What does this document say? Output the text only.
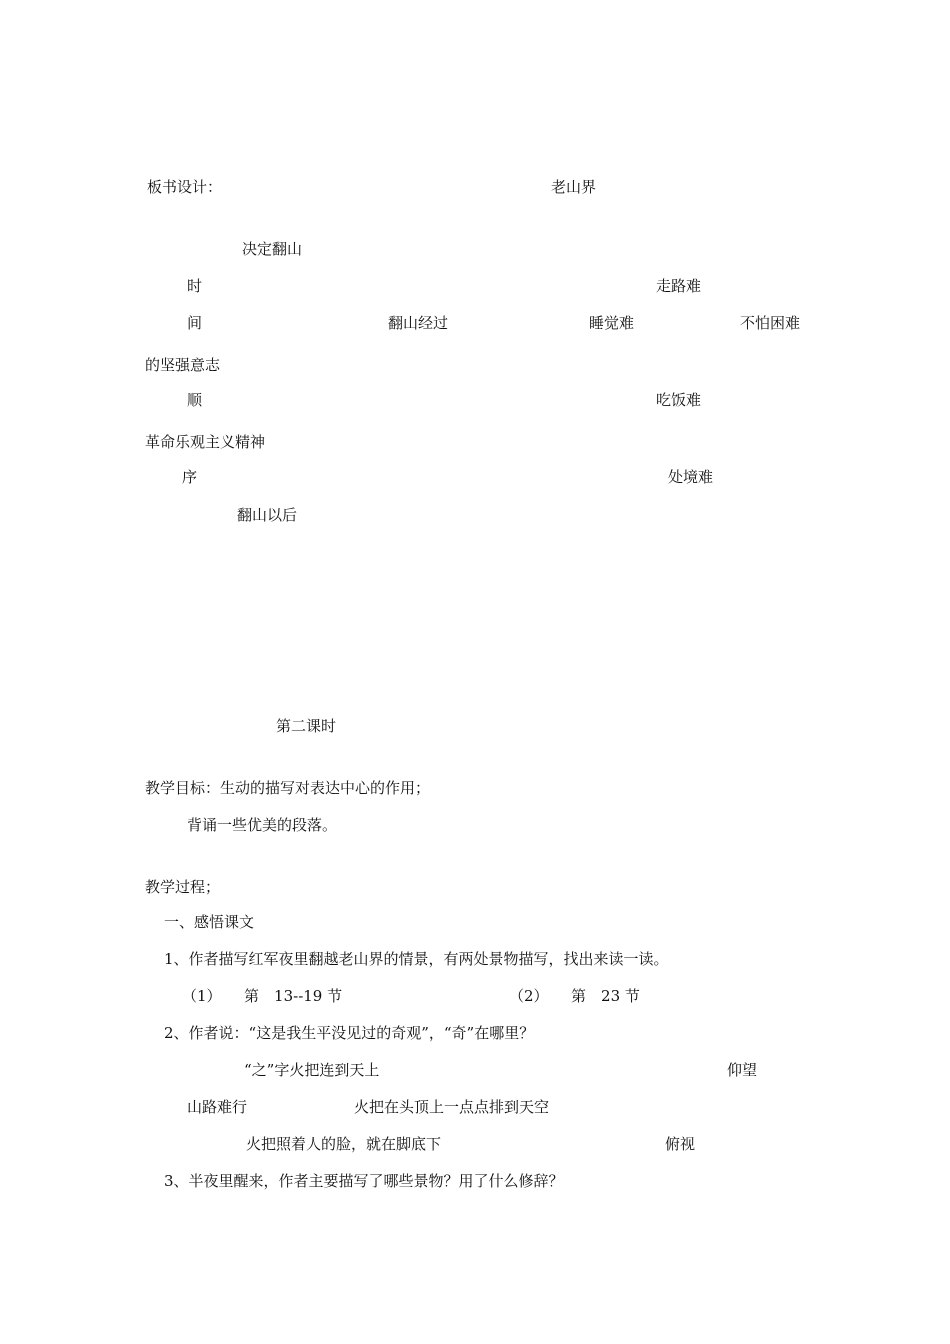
板书设计：	老山界
决定翻山
时	走路难
间	翻山经过	睡觉难	不怕困难
的坚强意志
顺	吃饭难
革命乐观主义精神
序	处境难
翻山以后
第二课时
教学目标：生动的描写对表达中心的作用；
背诵一些优美的段落。
教学过程；
一、感悟课文
1、作者描写红军夜里翻越老山界的情景，有两处景物描写，找出来读一读。
（1）　　第　13--19 节	（2）　　第　23 节
2、作者说：“这是我生平没见过的奇观”，“奇”在哪里？
“之”字火把连到天上	仰望
山路难行	火把在头顶上一点点排到天空
火把照着人的脸，就在脚底下	俯视
3、半夜里醒来，作者主要描写了哪些景物？用了什么修辞？
